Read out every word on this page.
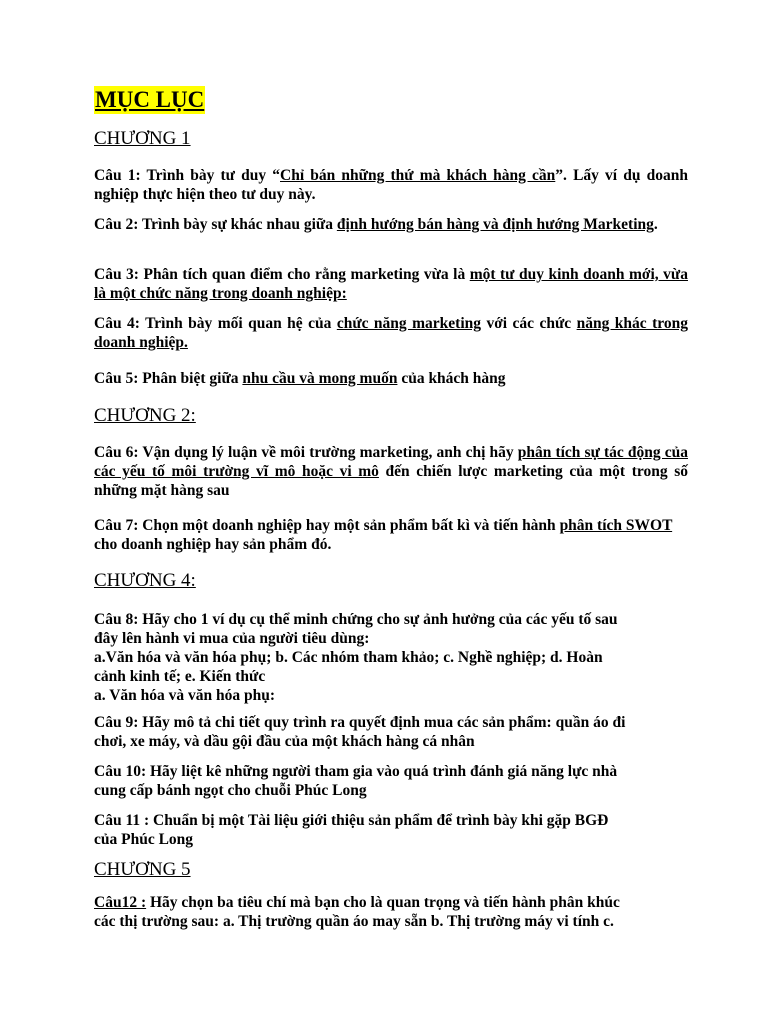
MỤC LỤC
CHƯƠNG 1
Câu 1: Trình bày tư duy “Chỉ bán những thứ mà khách hàng cần”. Lấy ví dụ doanh nghiệp thực hiện theo tư duy này.
Câu 2: Trình bày sự khác nhau giữa định hướng bán hàng và định hướng Marketing.
Câu 3: Phân tích quan điểm cho rằng marketing vừa là một tư duy kinh doanh mới, vừa là một chức năng trong doanh nghiệp:
Câu 4: Trình bày mối quan hệ của chức năng marketing với các chức năng khác trong doanh nghiệp.
Câu 5: Phân biệt giữa nhu cầu và mong muốn của khách hàng
CHƯƠNG 2:
Câu 6: Vận dụng lý luận về môi trường marketing, anh chị hãy phân tích sự tác động của các yếu tố môi trường vĩ mô hoặc vi mô đến chiến lược marketing của một trong số những mặt hàng sau
Câu 7: Chọn một doanh nghiệp hay một sản phẩm bất kì và tiến hành phân tích SWOT cho doanh nghiệp hay sản phẩm đó.
CHƯƠNG 4:
Câu 8: Hãy cho 1 ví dụ cụ thể minh chứng cho sự ảnh hưởng của các yếu tố sau
đây lên hành vi mua của người tiêu dùng:
a.Văn hóa và văn hóa phụ; b. Các nhóm tham khảo; c. Nghề nghiệp; d. Hoàn
cảnh kinh tế; e. Kiến thức
a. Văn hóa và văn hóa phụ:
Câu 9: Hãy mô tả chi tiết quy trình ra quyết định mua các sản phẩm: quần áo đi
chơi, xe máy, và dầu gội đầu của một khách hàng cá nhân
Câu 10: Hãy liệt kê những người tham gia vào quá trình đánh giá năng lực nhà
cung cấp bánh ngọt cho chuỗi Phúc Long
Câu 11 : Chuẩn bị một Tài liệu giới thiệu sản phẩm để trình bày khi gặp BGĐ
của Phúc Long
CHƯƠNG 5
Câu12 : Hãy chọn ba tiêu chí mà bạn cho là quan trọng và tiến hành phân khúc
các thị trường sau: a. Thị trường quần áo may sẵn b. Thị trường máy vi tính c.
